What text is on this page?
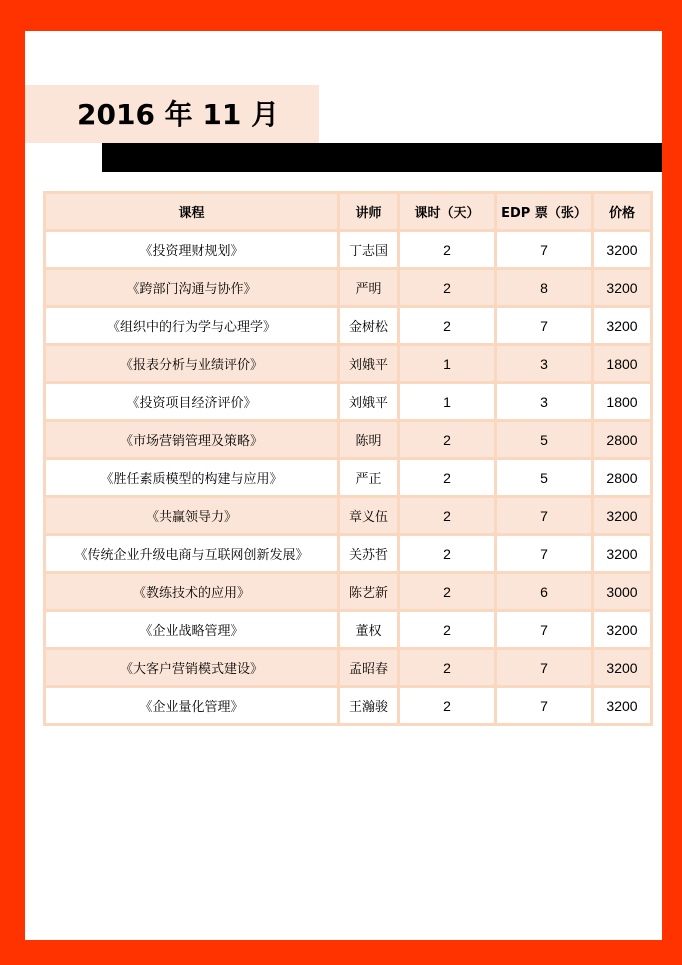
2016 年 11 月
课程	讲师	课时（天）	EDP 票（张）	价格
《投资理财规划》	丁志国	2	7	3200
《跨部门沟通与协作》	严明	2	8	3200
《组织中的行为学与心理学》	金树松	2	7	3200
《报表分析与业绩评价》	刘娥平	1	3	1800
《投资项目经济评价》	刘娥平	1	3	1800
《市场营销管理及策略》	陈明	2	5	2800
《胜任素质模型的构建与应用》	严正	2	5	2800
《共赢领导力》	章义伍	2	7	3200
《传统企业升级电商与互联网创新发展》	关苏哲	2	7	3200
《教练技术的应用》	陈艺新	2	6	3000
《企业战略管理》	董权	2	7	3200
《大客户营销模式建设》	孟昭春	2	7	3200
《企业量化管理》	王瀚骏	2	7	3200
